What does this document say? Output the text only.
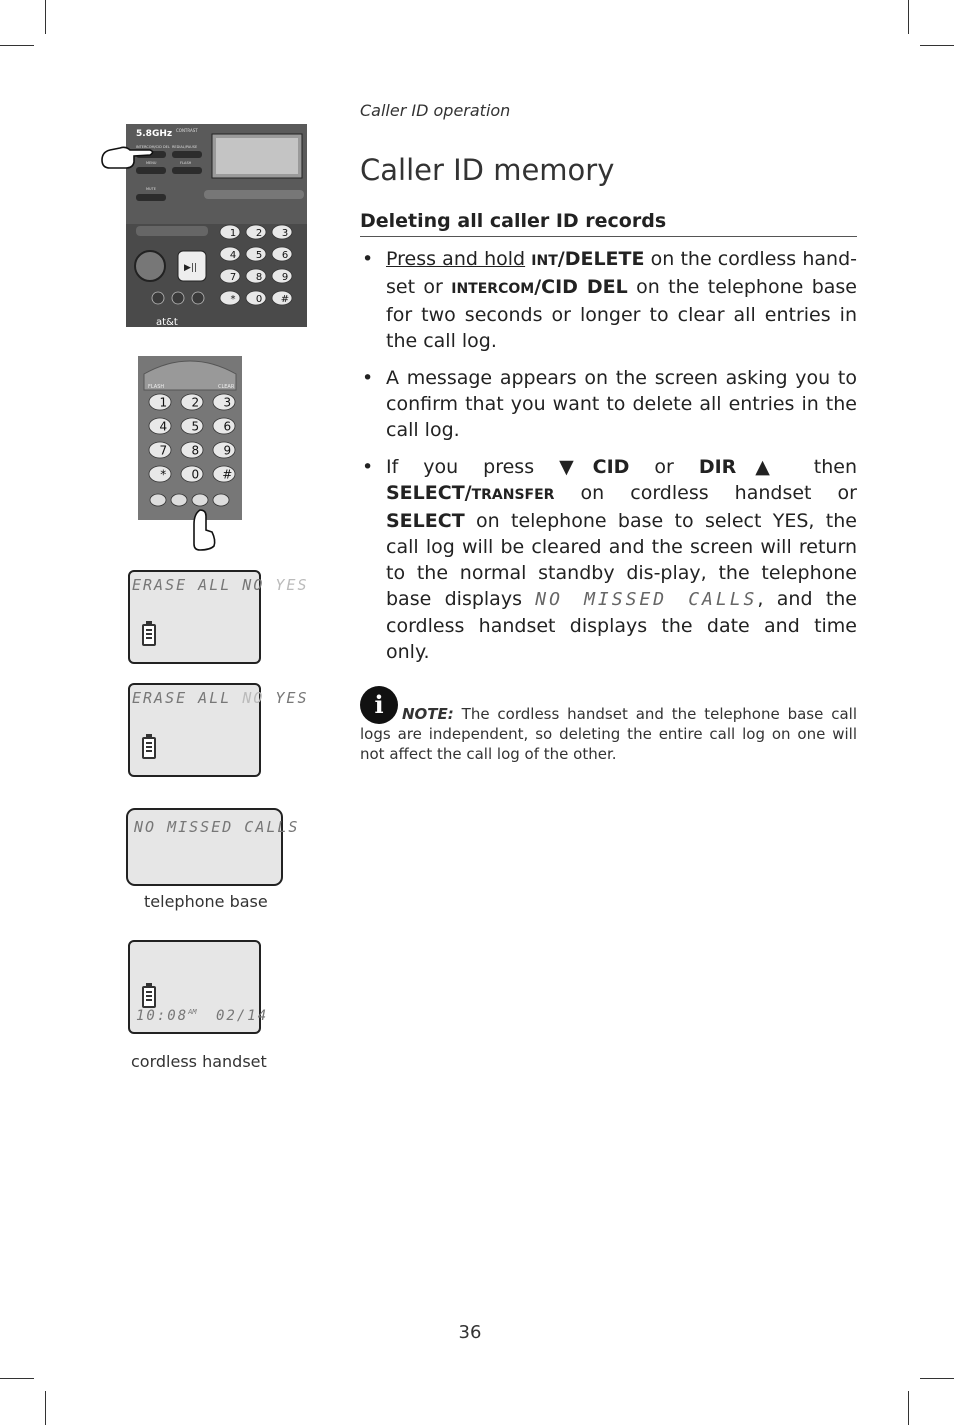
5.8GHz CONTRAST
INTERCOM/CID DEL REDIAL/PAUSE
MENU	FLASH
MUTE
▶||
1 2 3
4 5 6
7 8 9
* 0 #
at&t
FLASH	CLEAR
1 2 3
4 5 6
7 8 9
* 0 #
ERASE ALL NO YES
ERASE ALL NO YES
NO MISSED CALLS
telephone base
$10:08^{AM}$ 02/14
cordless handset
Caller ID operation
Caller ID memory
Deleting all caller ID records
• Press and hold INT/DELETE on the cordless hand-set or INTERCOM/CID DEL on the telephone base for two seconds or longer to clear all entries in the call log.
• A message appears on the screen asking you to confirm that you want to delete all entries in the call log.
• If you press ▼CID or DIR▲ then SELECT/TRANSFER on cordless handset or SELECT on telephone base to select YES, the call log will be cleared and the screen will return to the normal standby dis-play, the telephone base displays NO MISSED CALLS, and the cordless handset displays the date and time only.
i NOTE: The cordless handset and the telephone base call logs are independent, so deleting the entire call log on one will not affect the call log of the other.
36
